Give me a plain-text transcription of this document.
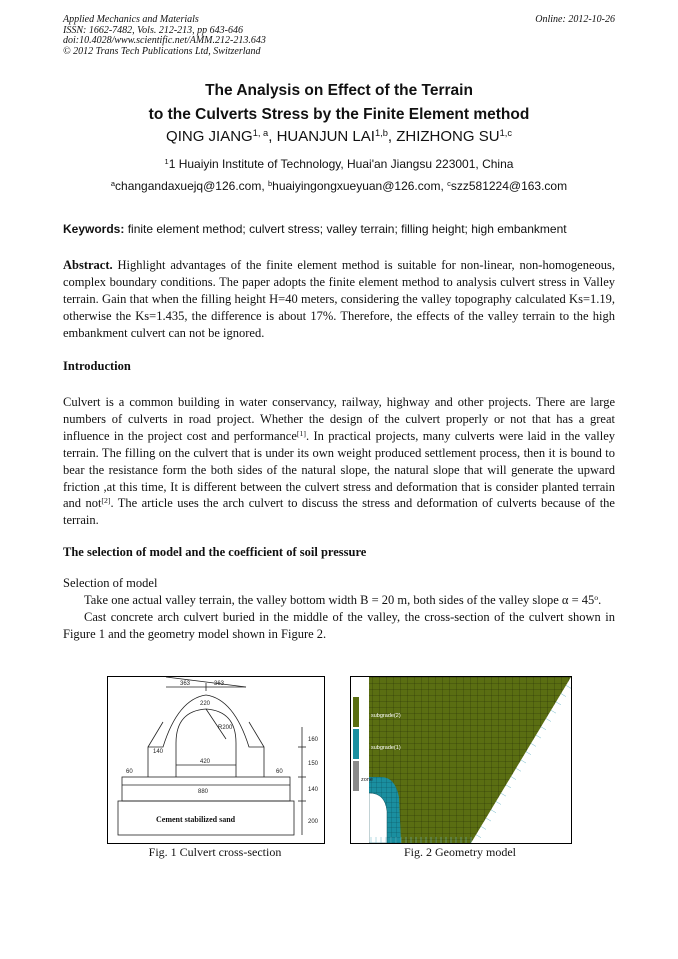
Applied Mechanics and Materials
ISSN: 1662-7482, Vols. 212-213, pp 643-646
doi:10.4028/www.scientific.net/AMM.212-213.643
© 2012 Trans Tech Publications Ltd, Switzerland
Online: 2012-10-26
The Analysis on Effect of the Terrain
to the Culverts Stress by the Finite Element method
QING JIANG$^{1, a}$, HUANJUN LAI$^{1,b}$, ZHIZHONG SU$^{1,c}$
$^1$1 Huaiyin Institute of Technology, Huai'an Jiangsu 223001, China
$^a$changandaxuejq@126.com, $^b$huaiyingongxueyuan@126.com, $^c$szz581224@163.com
Keywords: finite element method; culvert stress; valley terrain; filling height; high embankment
Abstract. Highlight advantages of the finite element method is suitable for non-linear, non-homogeneous, complex boundary conditions. The paper adopts the finite element method to analysis culvert stress in Valley terrain. Gain that when the filling height H=40 meters, considering the valley topography calculated Ks=1.19, otherwise the Ks=1.435, the difference is about 17%. Therefore, the effects of the valley terrain to the high embankment culvert can not be ignored.
Introduction
Culvert is a common building in water conservancy, railway, highway and other projects. There are large numbers of culverts in road project. Whether the design of the culvert properly or not that has a great influence in the project cost and performance[1]. In practical projects, many culverts were laid in the valley terrain. The filling on the culvert that is under its own weight produced settlement process, then it is bound to bear the resistance form the both sides of the natural slope, the natural slope that will generate the upward friction ,at this time, It is different between the culvert stress and deformation that is consider planted terrain and not[2]. The article uses the arch culvert to discuss the stress and deformation of culverts because of the terrain.
The selection of model and the coefficient of soil pressure

Selection of model

Take one actual valley terrain, the valley bottom width B = 20 m, both sides of the valley slope $\alpha = 45^o$.

Cast concrete arch culvert buried in the middle of the valley, the cross-section of the culvert shown in Figure 1 and the geometry model shown in Figure 2.

363	363
220
R200
140
420
60	60
880
160
150
140
200
Cement stabilized sand
Fig. 1 Culvert cross-section
subgrade(2)
subgrade(1)
zone
Fig. 2 Geometry model
